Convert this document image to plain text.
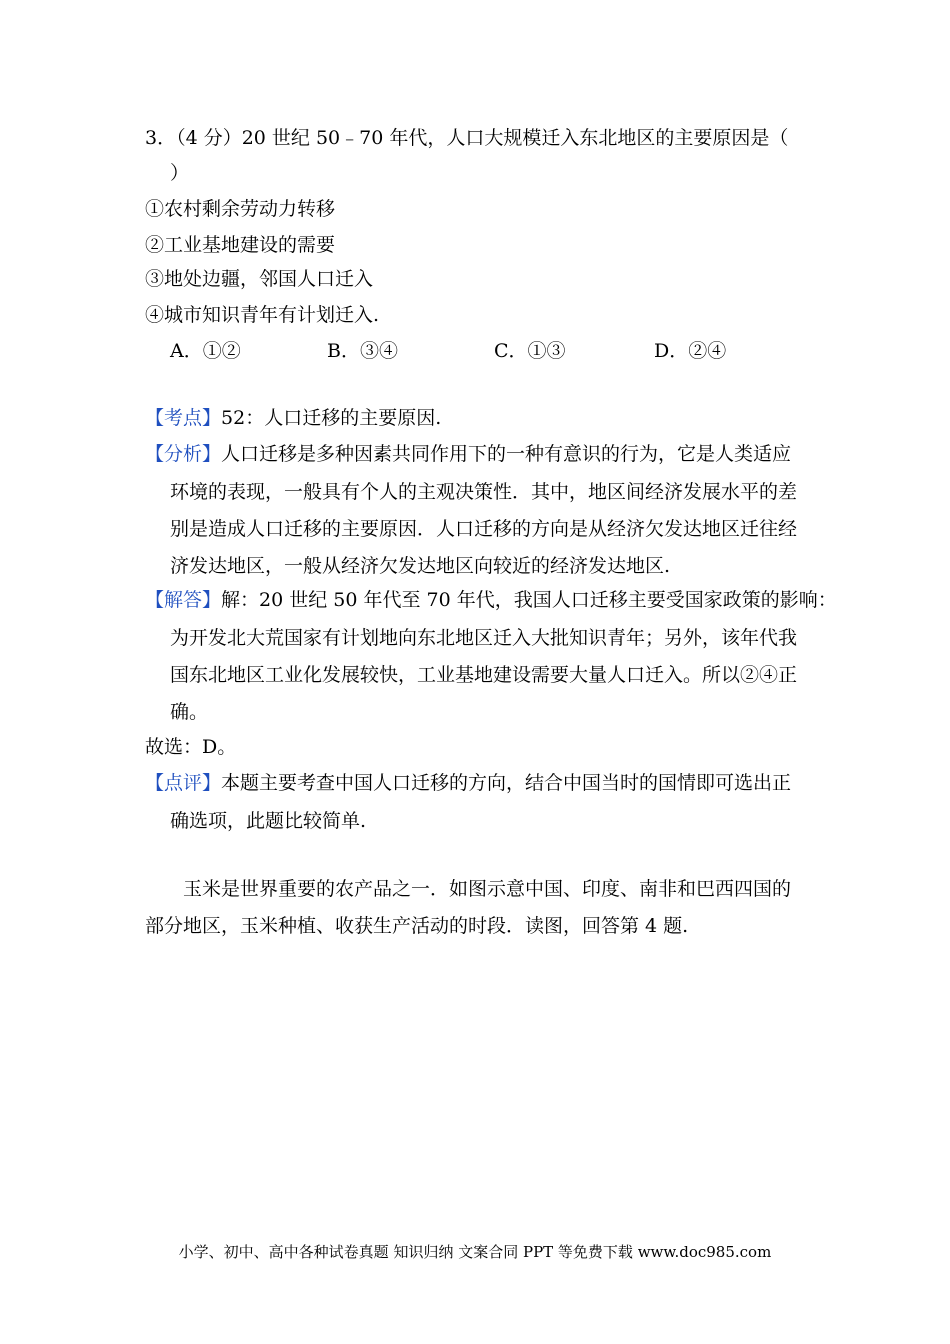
3．（4 分）20 世纪 50﹣70 年代，人口大规模迁入东北地区的主要原因是（
）
①农村剩余劳动力转移
②工业基地建设的需要
③地处边疆，邻国人口迁入
④城市知识青年有计划迁入.
A．①②	B．③④	C．①③	D．②④
【考点】52：人口迁移的主要原因.
【分析】人口迁移是多种因素共同作用下的一种有意识的行为，它是人类适应
环境的表现，一般具有个人的主观决策性．其中，地区间经济发展水平的差
别是造成人口迁移的主要原因．人口迁移的方向是从经济欠发达地区迁往经
济发达地区，一般从经济欠发达地区向较近的经济发达地区.
【解答】解：20 世纪 50 年代至 70 年代，我国人口迁移主要受国家政策的影响：
为开发北大荒国家有计划地向东北地区迁入大批知识青年；另外，该年代我
国东北地区工业化发展较快，工业基地建设需要大量人口迁入。所以②④正
确。
故选：D。
【点评】本题主要考查中国人口迁移的方向，结合中国当时的国情即可选出正
确选项，此题比较简单.
玉米是世界重要的农产品之一．如图示意中国、印度、南非和巴西四国的
部分地区，玉米种植、收获生产活动的时段．读图，回答第 4 题.
小学、初中、高中各种试卷真题 知识归纳 文案合同 PPT 等免费下载 www.doc985.com
